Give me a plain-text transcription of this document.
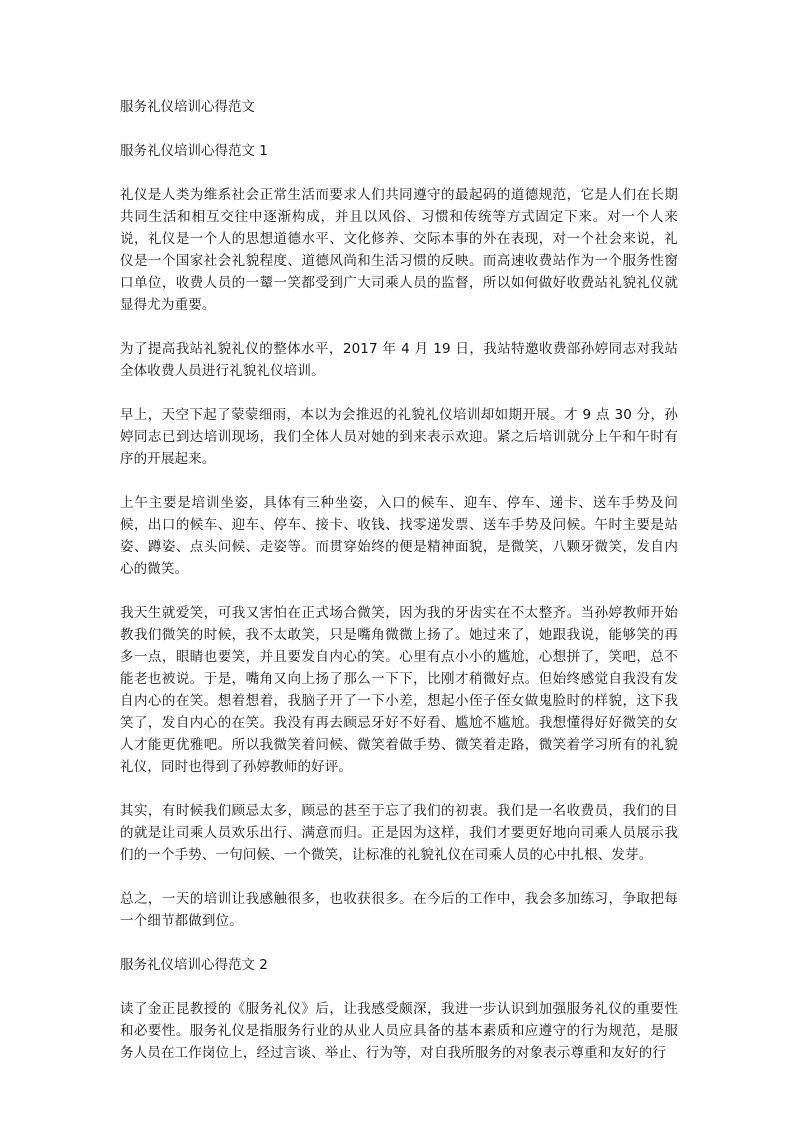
服务礼仪培训心得范文
服务礼仪培训心得范文 1

礼仪是人类为维系社会正常生活而要求人们共同遵守的最起码的道德规范，它是人们在长期共同生活和相互交往中逐渐构成，并且以风俗、习惯和传统等方式固定下来。对一个人来说，礼仪是一个人的思想道德水平、文化修养、交际本事的外在表现，对一个社会来说，礼仪是一个国家社会礼貌程度、道德风尚和生活习惯的反映。而高速收费站作为一个服务性窗口单位，收费人员的一颦一笑都受到广大司乘人员的监督，所以如何做好收费站礼貌礼仪就显得尤为重要。

为了提高我站礼貌礼仪的整体水平，2017 年 4 月 19 日，我站特邀收费部孙婷同志对我站全体收费人员进行礼貌礼仪培训。

早上，天空下起了蒙蒙细雨，本以为会推迟的礼貌礼仪培训却如期开展。才 9 点 30 分，孙婷同志已到达培训现场，我们全体人员对她的到来表示欢迎。紧之后培训就分上午和午时有序的开展起来。

上午主要是培训坐姿，具体有三种坐姿，入口的候车、迎车、停车、递卡、送车手势及问候，出口的候车、迎车、停车、接卡、收钱、找零递发票、送车手势及问候。午时主要是站姿、蹲姿、点头问候、走姿等。而贯穿始终的便是精神面貌，是微笑，八颗牙微笑，发自内心的微笑。

我天生就爱笑，可我又害怕在正式场合微笑，因为我的牙齿实在不太整齐。当孙婷教师开始教我们微笑的时候，我不太敢笑，只是嘴角微微上扬了。她过来了，她跟我说，能够笑的再多一点，眼睛也要笑，并且要发自内心的笑。心里有点小小的尴尬，心想拼了，笑吧，总不能老也被说。于是，嘴角又向上扬了那么一下下，比刚才稍微好点。但始终感觉自我没有发自内心的在笑。想着想着，我脑子开了一下小差，想起小侄子侄女做鬼脸时的样貌，这下我笑了，发自内心的在笑。我没有再去顾忌牙好不好看、尴尬不尴尬。我想懂得好好微笑的女人才能更优雅吧。所以我微笑着问候、微笑着做手势、微笑着走路，微笑着学习所有的礼貌礼仪，同时也得到了孙婷教师的好评。

其实，有时候我们顾忌太多，顾忌的甚至于忘了我们的初衷。我们是一名收费员，我们的目的就是让司乘人员欢乐出行、满意而归。正是因为这样，我们才要更好地向司乘人员展示我们的一个手势、一句问候、一个微笑，让标准的礼貌礼仪在司乘人员的心中扎根、发芽。

总之，一天的培训让我感触很多，也收获很多。在今后的工作中，我会多加练习，争取把每一个细节都做到位。

服务礼仪培训心得范文 2

读了金正昆教授的《服务礼仪》后，让我感受颇深，我进一步认识到加强服务礼仪的重要性和必要性。服务礼仪是指服务行业的从业人员应具备的基本素质和应遵守的行为规范，是服务人员在工作岗位上，经过言谈、举止、行为等，对自我所服务的对象表示尊重和友好的行
